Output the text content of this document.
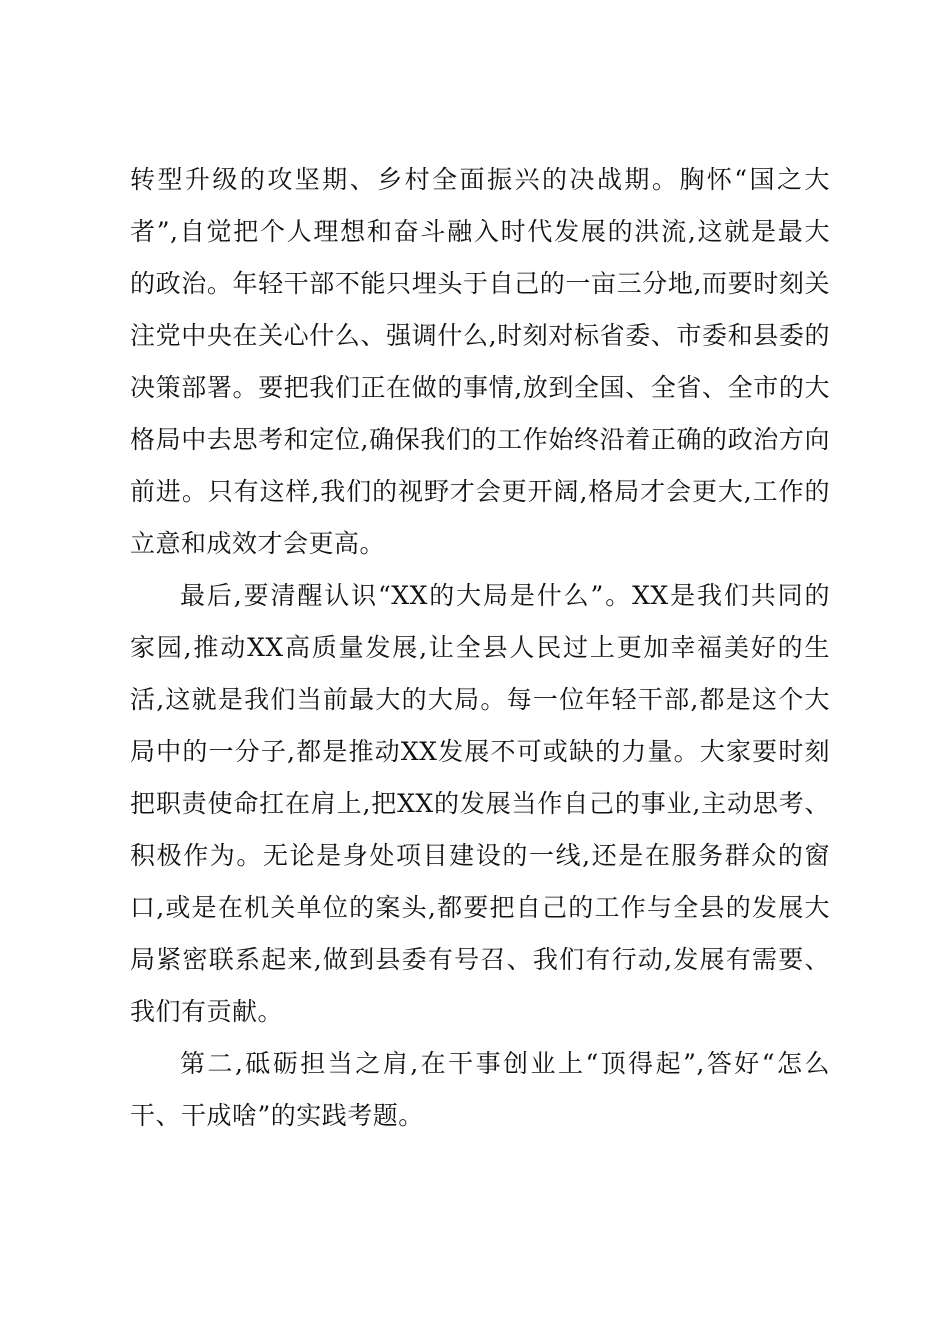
转型升级的攻坚期、乡村全面振兴的决战期。胸怀“国之大
者”,自觉把个人理想和奋斗融入时代发展的洪流,这就是最大
的政治。年轻干部不能只埋头于自己的一亩三分地,而要时刻关
注党中央在关心什么、强调什么,时刻对标省委、市委和县委的
决策部署。要把我们正在做的事情,放到全国、全省、全市的大
格局中去思考和定位,确保我们的工作始终沿着正确的政治方向
前进。只有这样,我们的视野才会更开阔,格局才会更大,工作的
立意和成效才会更高。
最后,要清醒认识“XX的大局是什么”。XX是我们共同的
家园,推动XX高质量发展,让全县人民过上更加幸福美好的生
活,这就是我们当前最大的大局。每一位年轻干部,都是这个大
局中的一分子,都是推动XX发展不可或缺的力量。大家要时刻
把职责使命扛在肩上,把XX的发展当作自己的事业,主动思考、
积极作为。无论是身处项目建设的一线,还是在服务群众的窗
口,或是在机关单位的案头,都要把自己的工作与全县的发展大
局紧密联系起来,做到县委有号召、我们有行动,发展有需要、
我们有贡献。
第二,砥砺担当之肩,在干事创业上“顶得起”,答好“怎么
干、干成啥”的实践考题。
